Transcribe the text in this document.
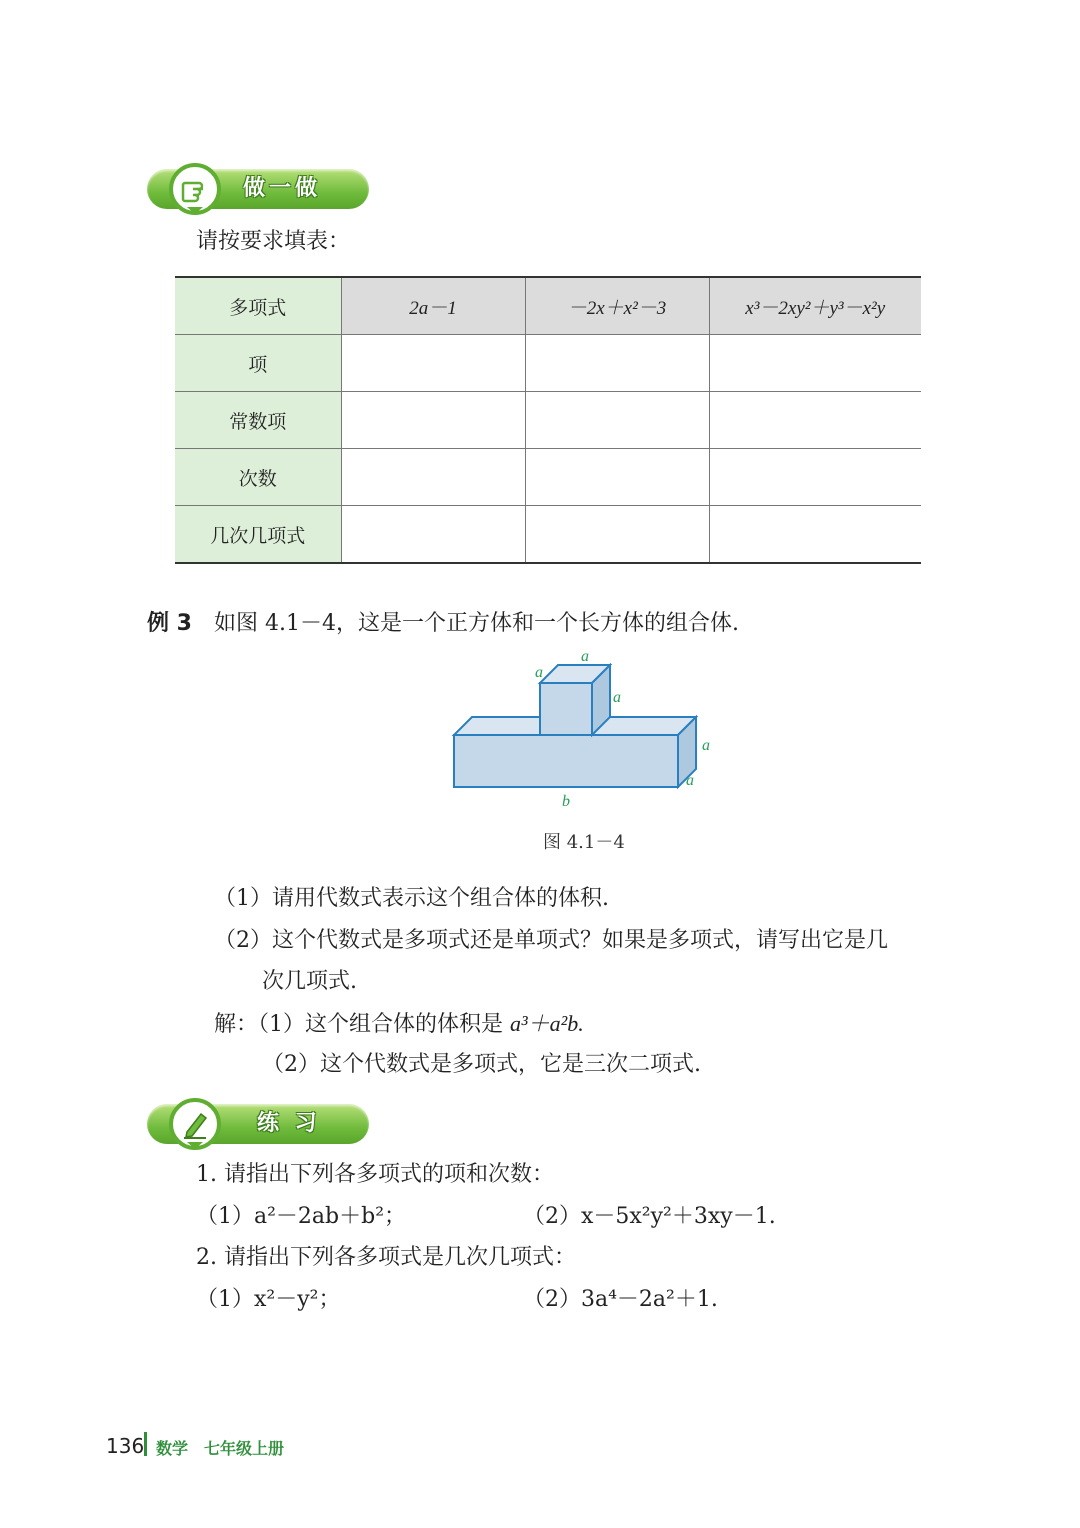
做一做
请按要求填表：
多项式	2a－1	－2x＋x²－3	x³－2xy²＋y³－x²y
项			
常数项			
次数			
几次几项式			
例 3 如图 4.1－4，这是一个正方体和一个长方体的组合体.
a
a
a
a
a
b
图 4.1－4
（1）请用代数式表示这个组合体的体积.
（2）这个代数式是多项式还是单项式？如果是多项式，请写出它是几
次几项式.
解：（1）这个组合体的体积是 a³＋a²b.
（2）这个代数式是多项式，它是三次二项式.
练 习
1. 请指出下列各多项式的项和次数：
（1）a²－2ab＋b²；	（2）x－5x²y²＋3xy－1.
2. 请指出下列各多项式是几次几项式：
（1）x²－y²；	（2）3a⁴－2a²＋1.
136 数学　七年级上册
